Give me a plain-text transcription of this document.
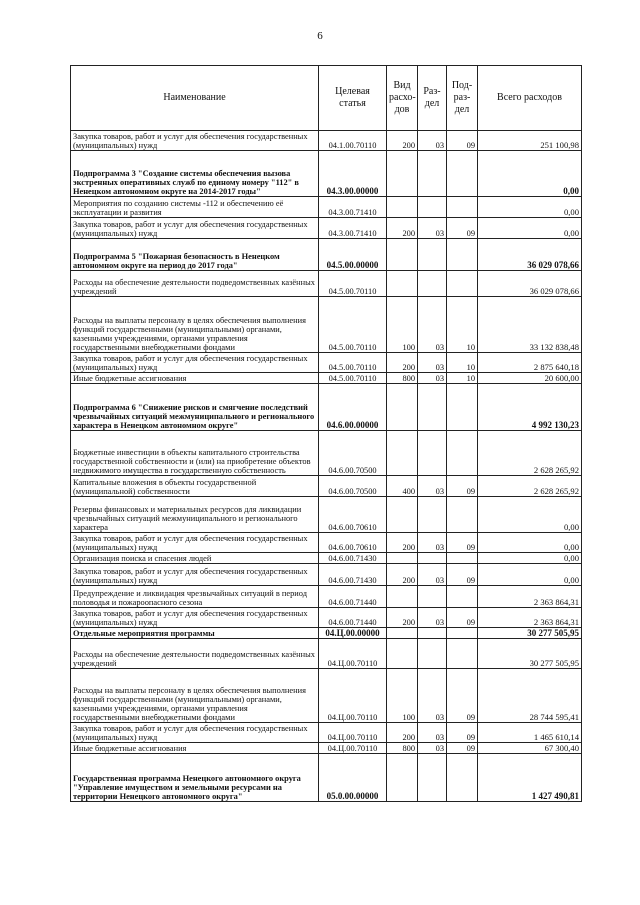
6
Наименование	Целевая статья	Вид расхо-дов	Раз-дел	Под-раз-дел	Всего расходов
Закупка товаров, работ и услуг для обеспечения государственных (муниципальных) нужд	04.1.00.70110	200	03	09	251 100,98
Подпрограмма 3 "Создание системы обеспечения вызова экстренных оперативных служб по единому номеру "112" в Ненецком автономном округе на 2014-2017 годы"	04.3.00.00000				0,00
Мероприятия по созданию системы -112 и обеспечению её эксплуатации и развития	04.3.00.71410				0,00
Закупка товаров, работ и услуг для обеспечения государственных (муниципальных) нужд	04.3.00.71410	200	03	09	0,00
Подпрограмма 5 "Пожарная безопасность в Ненецком автономном округе на период до 2017 года"	04.5.00.00000				36 029 078,66
Расходы на обеспечение деятельности подведомственных казённых учреждений	04.5.00.70110				36 029 078,66
Расходы на выплаты персоналу в целях обеспечения выполнения функций государственными (муниципальными) органами, казенными учреждениями, органами управления государственными внебюджетными фондами	04.5.00.70110	100	03	10	33 132 838,48
Закупка товаров, работ и услуг для обеспечения государственных (муниципальных) нужд	04.5.00.70110	200	03	10	2 875 640,18
Иные бюджетные ассигнования	04.5.00.70110	800	03	10	20 600,00
Подпрограмма 6 "Снижение рисков и смягчение последствий чрезвычайных ситуаций межмуниципального и регионального характера в Ненецком автономном округе"	04.6.00.00000				4 992 130,23
Бюджетные инвестиции в объекты капитального строительства государственной собственности и (или) на приобретение объектов недвижимого имущества в государственную собственность	04.6.00.70500				2 628 265,92
Капитальные вложения в объекты государственной (муниципальной) собственности	04.6.00.70500	400	03	09	2 628 265,92
Резервы финансовых и материальных ресурсов для ликвидации чрезвычайных ситуаций межмуниципального и регионального характера	04.6.00.70610				0,00
Закупка товаров, работ и услуг для обеспечения государственных (муниципальных) нужд	04.6.00.70610	200	03	09	0,00
Организация поиска и спасения людей	04.6.00.71430				0,00
Закупка товаров, работ и услуг для обеспечения государственных (муниципальных) нужд	04.6.00.71430	200	03	09	0,00
Предупреждение и ликвидация чрезвычайных ситуаций в период половодья и пожароопасного сезона	04.6.00.71440				2 363 864,31
Закупка товаров, работ и услуг для обеспечения государственных (муниципальных) нужд	04.6.00.71440	200	03	09	2 363 864,31
Отдельные мероприятия программы	04.Ц.00.00000				30 277 505,95
Расходы на обеспечение деятельности подведомственных казённых учреждений	04.Ц.00.70110				30 277 505,95
Расходы на выплаты персоналу в целях обеспечения выполнения функций государственными (муниципальными) органами, казенными учреждениями, органами управления государственными внебюджетными фондами	04.Ц.00.70110	100	03	09	28 744 595,41
Закупка товаров, работ и услуг для обеспечения государственных (муниципальных) нужд	04.Ц.00.70110	200	03	09	1 465 610,14
Иные бюджетные ассигнования	04.Ц.00.70110	800	03	09	67 300,40
Государственная программа Ненецкого автономного округа "Управление имуществом и земельными ресурсами на территории Ненецкого автономного округа"	05.0.00.00000				1 427 490,81
